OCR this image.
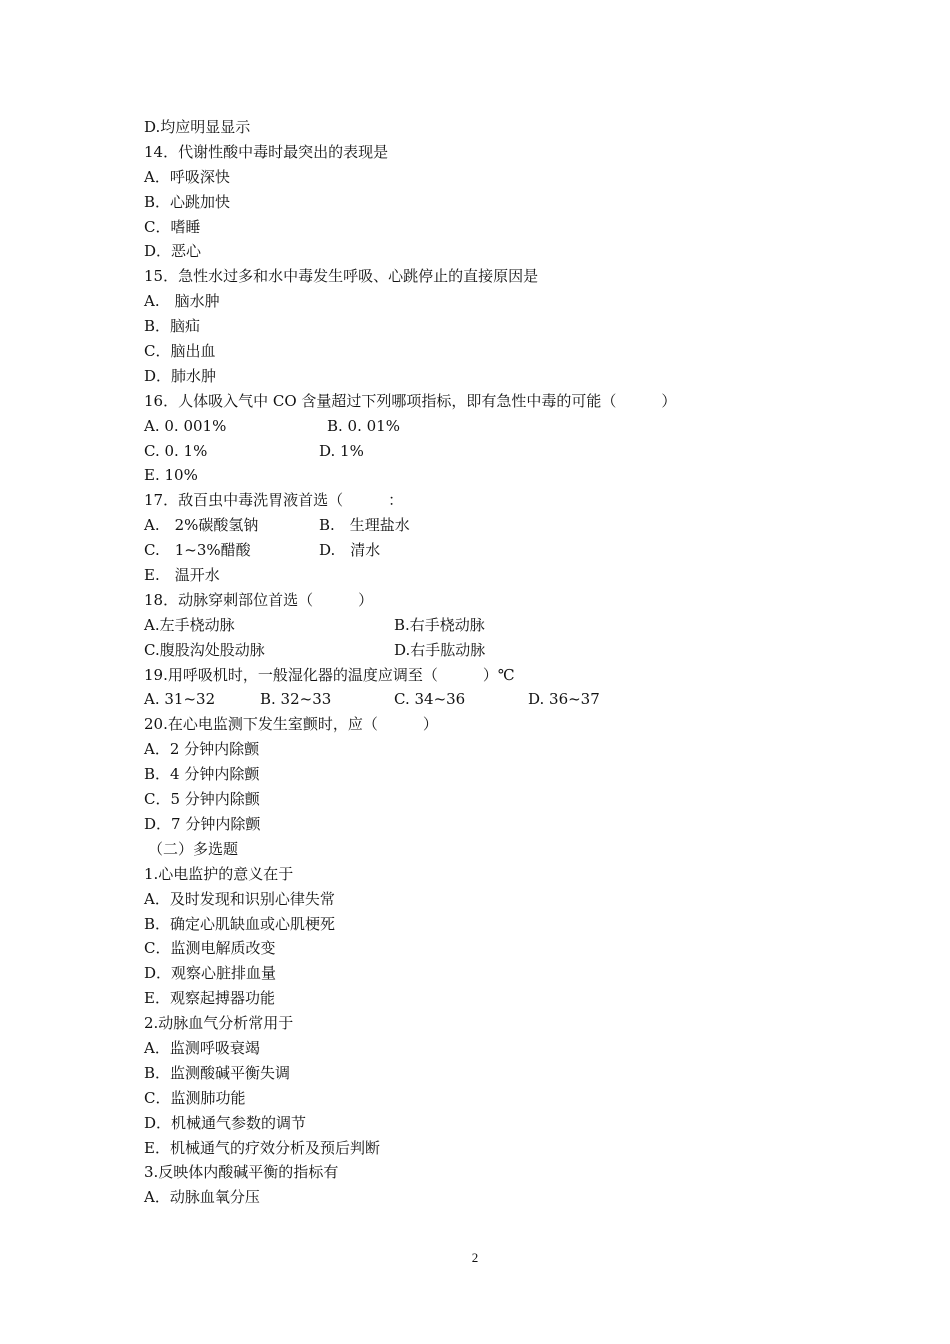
D.均应明显显示
14．代谢性酸中毒时最突出的表现是
A．呼吸深快
B．心跳加快
C．嗜睡
D．恶心
15．急性水过多和水中毒发生呼吸、心跳停止的直接原因是
A.　脑水肿
B．脑疝
C．脑出血
D．肺水肿
16．人体吸入气中 CO 含量超过下列哪项指标，即有急性中毒的可能（　　　）
A. 0. 001%	B. 0. 01%
C. 0. 1%	D. 1%
E. 10%
17．敌百虫中毒洗胃液首选（　　　：
A.　2%碳酸氢钠	B.　生理盐水
C.　1~3%醋酸	D.　清水
E.　温开水
18．动脉穿刺部位首选（　　　）
A.左手桡动脉	B.右手桡动脉
C.腹股沟处股动脉	D.右手肱动脉
19.用呼吸机时，一般湿化器的温度应调至（　　　）℃
A. 31~32	B. 32~33	C. 34~36	D. 36~37
20.在心电监测下发生室颤时，应（　　　）
A．2 分钟内除颤
B．4 分钟内除颤
C．5 分钟内除颤
D．7 分钟内除颤
（二）多选题
1.心电监护的意义在于
A．及时发现和识别心律失常
B．确定心肌缺血或心肌梗死
C．监测电解质改变
D．观察心脏排血量
E．观察起搏器功能
2.动脉血气分析常用于
A．监测呼吸衰竭
B．监测酸碱平衡失调
C．监测肺功能
D．机械通气参数的调节
E．机械通气的疗效分析及预后判断
3.反映体内酸碱平衡的指标有
A．动脉血氧分压
2
